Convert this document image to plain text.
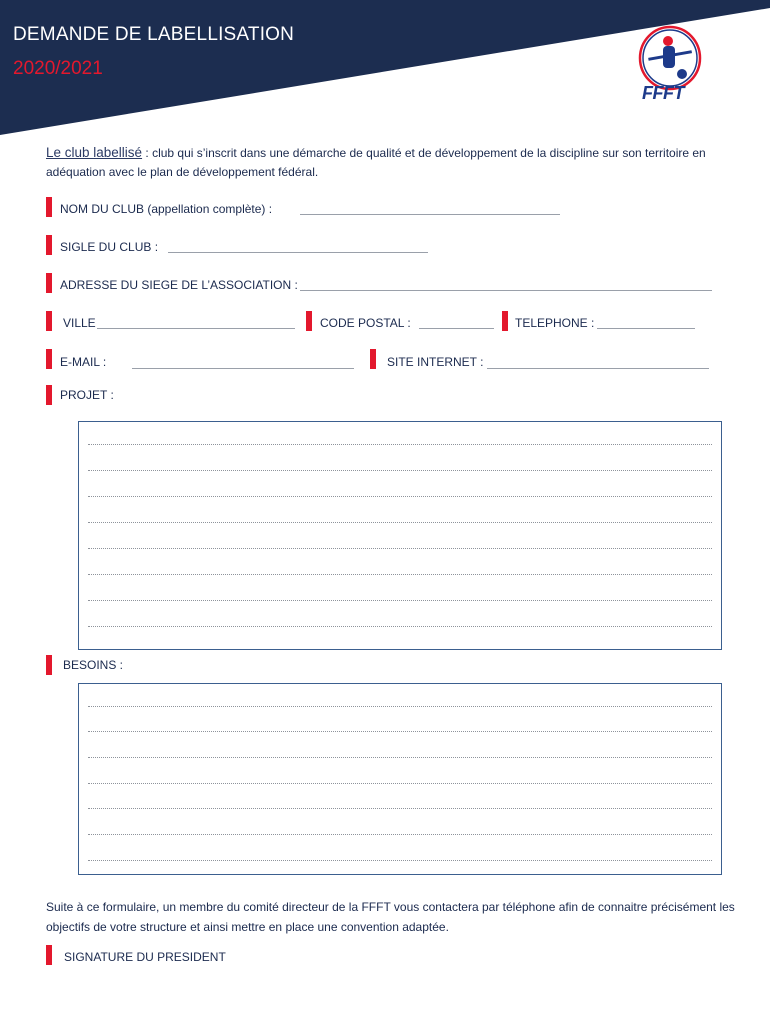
DEMANDE DE LABELLISATION
2020/2021
FFFT
Le club labellisé : club qui s’inscrit dans une démarche de qualité et de développement de la discipline sur son territoire en adéquation avec le plan de développement fédéral.
NOM DU CLUB (appellation complète) :
SIGLE DU CLUB :
ADRESSE DU SIEGE DE L’ASSOCIATION :
VILLE	CODE POSTAL :	TELEPHONE :
E-MAIL :	SITE INTERNET :
PROJET :
BESOINS :
Suite à ce formulaire, un membre du comité directeur de la FFFT vous contactera par téléphone afin de connaitre précisément les objectifs de votre structure et ainsi mettre en place une convention adaptée.
SIGNATURE DU PRESIDENT
